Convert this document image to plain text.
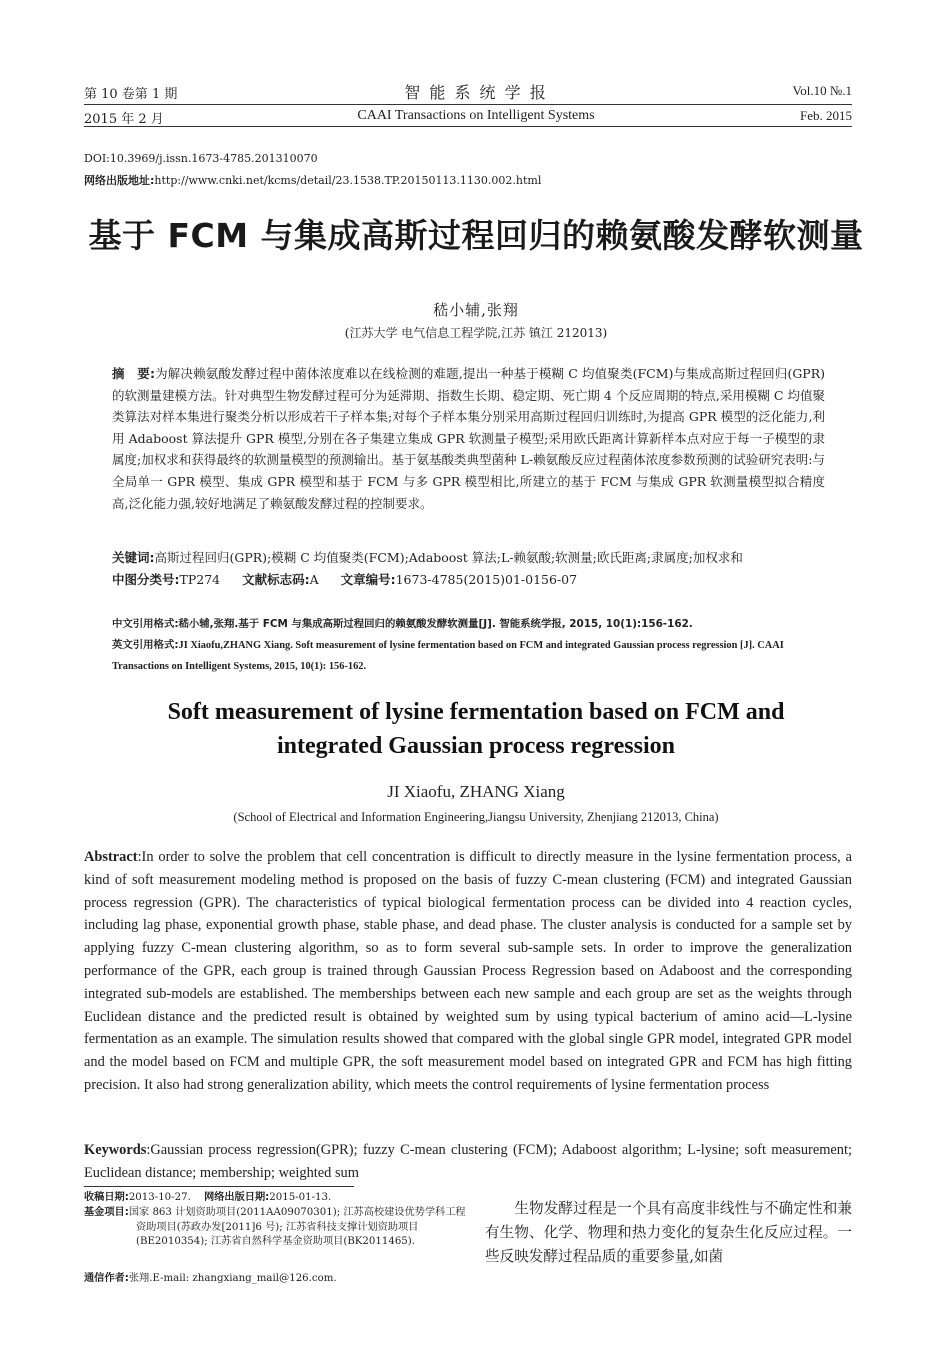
第 10 卷第 1 期	智 能 系 统 学 报	Vol.10 №.1
2015 年 2 月	CAAI Transactions on Intelligent Systems	Feb. 2015
DOI:10.3969/j.issn.1673-4785.201310070
网络出版地址:http://www.cnki.net/kcms/detail/23.1538.TP.20150113.1130.002.html
基于 FCM 与集成高斯过程回归的赖氨酸发酵软测量
嵇小辅,张翔
(江苏大学 电气信息工程学院,江苏 镇江 212013)
摘　要:为解决赖氨酸发酵过程中菌体浓度难以在线检测的难题,提出一种基于模糊 C 均值聚类(FCM)与集成高斯过程回归(GPR)的软测量建模方法。针对典型生物发酵过程可分为延滞期、指数生长期、稳定期、死亡期 4 个反应周期的特点,采用模糊 C 均值聚类算法对样本集进行聚类分析以形成若干子样本集;对每个子样本集分别采用高斯过程回归训练时,为提高 GPR 模型的泛化能力,利用 Adaboost 算法提升 GPR 模型,分别在各子集建立集成 GPR 软测量子模型;采用欧氏距离计算新样本点对应于每一子模型的隶属度;加权求和获得最终的软测量模型的预测输出。基于氨基酸类典型菌种 L-赖氨酸反应过程菌体浓度参数预测的试验研究表明:与全局单一 GPR 模型、集成 GPR 模型和基于 FCM 与多 GPR 模型相比,所建立的基于 FCM 与集成 GPR 软测量模型拟合精度高,泛化能力强,较好地满足了赖氨酸发酵过程的控制要求。
关键词:高斯过程回归(GPR);模糊 C 均值聚类(FCM);Adaboost 算法;L-赖氨酸;软测量;欧氏距离;隶属度;加权求和
中图分类号:TP274 文献标志码:A 文章编号:1673-4785(2015)01-0156-07
中文引用格式:嵇小辅,张翔.基于 FCM 与集成高斯过程回归的赖氨酸发酵软测量[J]. 智能系统学报, 2015, 10(1):156-162.
英文引用格式:JI Xiaofu,ZHANG Xiang. Soft measurement of lysine fermentation based on FCM and integrated Gaussian process regression [J]. CAAI Transactions on Intelligent Systems, 2015, 10(1): 156-162.
Soft measurement of lysine fermentation based on FCM and
integrated Gaussian process regression
JI Xiaofu, ZHANG Xiang
(School of Electrical and Information Engineering,Jiangsu University, Zhenjiang 212013, China)
Abstract:In order to solve the problem that cell concentration is difficult to directly measure in the lysine fermentation process, a kind of soft measurement modeling method is proposed on the basis of fuzzy C-mean clustering (FCM) and integrated Gaussian process regression (GPR). The characteristics of typical biological fermentation process can be divided into 4 reaction cycles, including lag phase, exponential growth phase, stable phase, and dead phase. The cluster analysis is conducted for a sample set by applying fuzzy C-mean clustering algorithm, so as to form several sub-sample sets. In order to improve the generalization performance of the GPR, each group is trained through Gaussian Process Regression based on Adaboost and the corresponding integrated sub-models are established. The memberships between each new sample and each group are set as the weights through Euclidean distance and the predicted result is obtained by weighted sum by using typical bacterium of amino acid—L-lysine fermentation as an example. The simulation results showed that compared with the global single GPR model, integrated GPR model and the model based on FCM and multiple GPR, the soft measurement model based on integrated GPR and FCM has high fitting precision. It also had strong generalization ability, which meets the control requirements of lysine fermentation process
Keywords:Gaussian process regression(GPR); fuzzy C-mean clustering (FCM); Adaboost algorithm; L-lysine; soft measurement; Euclidean distance; membership; weighted sum
收稿日期:2013-10-27. 网络出版日期:2015-01-13.
基金项目:国家 863 计划资助项目(2011AA09070301); 江苏高校建设优势学科工程资助项目(苏政办发[2011]6 号); 江苏省科技支撑计划资助项目(BE2010354); 江苏省自然科学基金资助项目(BK2011465).
通信作者:张翔.E-mail: zhangxiang_mail@126.com.
　　生物发酵过程是一个具有高度非线性与不确定性和兼有生物、化学、物理和热力变化的复杂生化反应过程。一些反映发酵过程品质的重要参量,如菌
